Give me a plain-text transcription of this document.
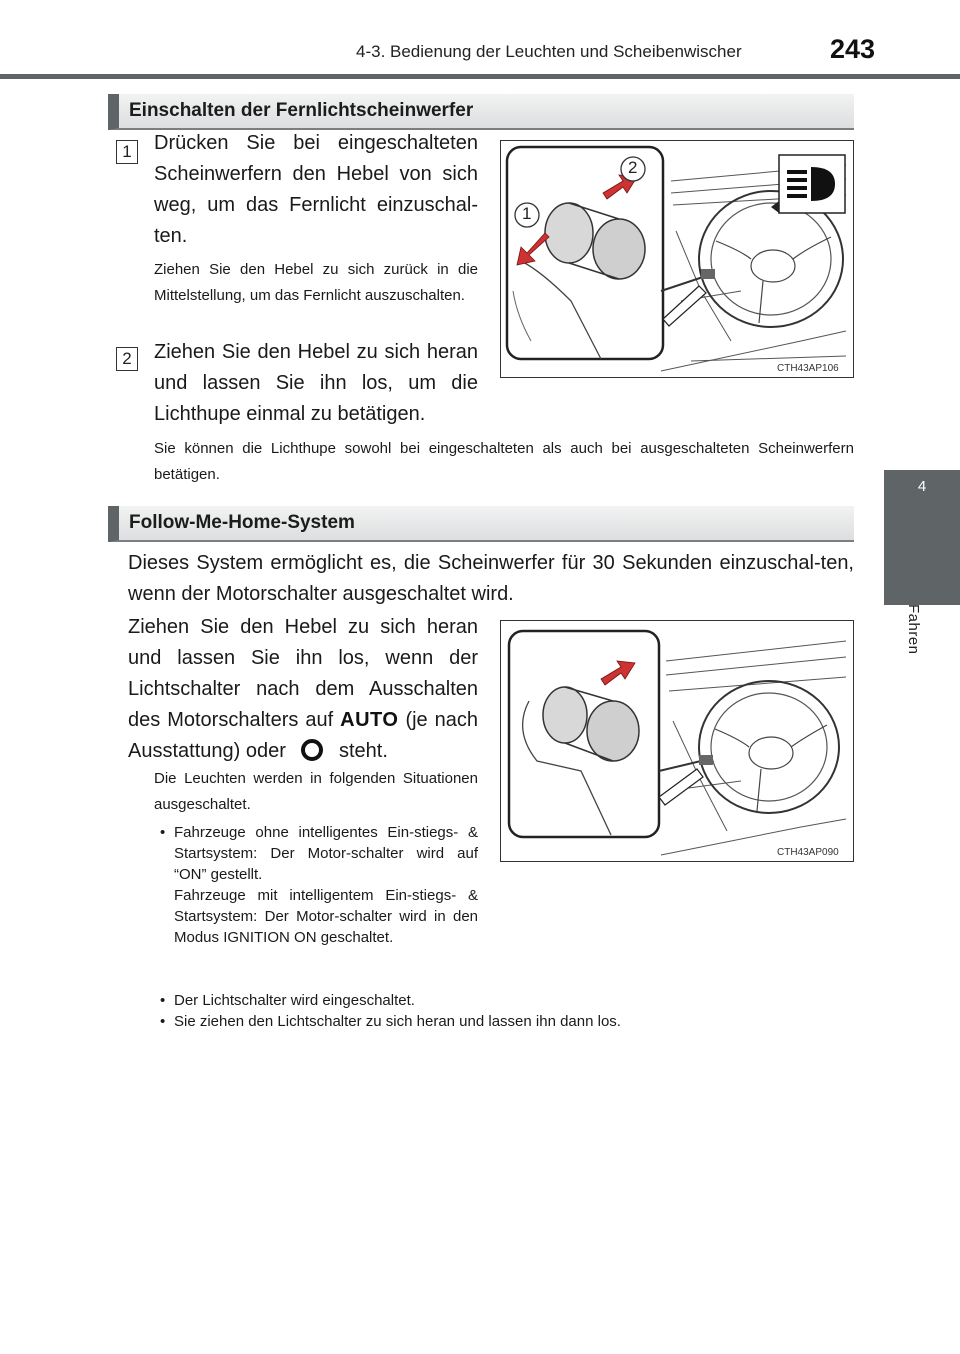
4-3. Bedienung der Leuchten und Scheibenwischer	243
4
Fahren
Einschalten der Fernlichtscheinwerfer
1	Drücken Sie bei eingeschalteten Scheinwerfern den Hebel von sich weg, um das Fernlicht einzuschal-ten.

Ziehen Sie den Hebel zu sich zurück in die Mittelstellung, um das Fernlicht auszuschalten.

2	Ziehen Sie den Hebel zu sich heran und lassen Sie ihn los, um die Lichthupe einmal zu betätigen.

Sie können die Lichthupe sowohl bei eingeschalteten als auch bei ausgeschalteten Scheinwerfern betätigen.

2
1
CTH43AP106
Follow-Me-Home-System

Dieses System ermöglicht es, die Scheinwerfer für 30 Sekunden einzuschal-ten, wenn der Motorschalter ausgeschaltet wird.

Ziehen Sie den Hebel zu sich heran und lassen Sie ihn los, wenn der Lichtschalter nach dem Ausschalten des Motorschalters auf AUTO (je nach Ausstattung) oder	steht.

Die Leuchten werden in folgenden Situationen ausgeschaltet.

• Fahrzeuge ohne intelligentes Ein-stiegs- & Startsystem: Der Motor-schalter wird auf “ON” gestellt.
Fahrzeuge mit intelligentem Ein-stiegs- & Startsystem: Der Motor-schalter wird in den Modus IGNITION ON geschaltet.
• Der Lichtschalter wird eingeschaltet.
• Sie ziehen den Lichtschalter zu sich heran und lassen ihn dann los.
CTH43AP090
